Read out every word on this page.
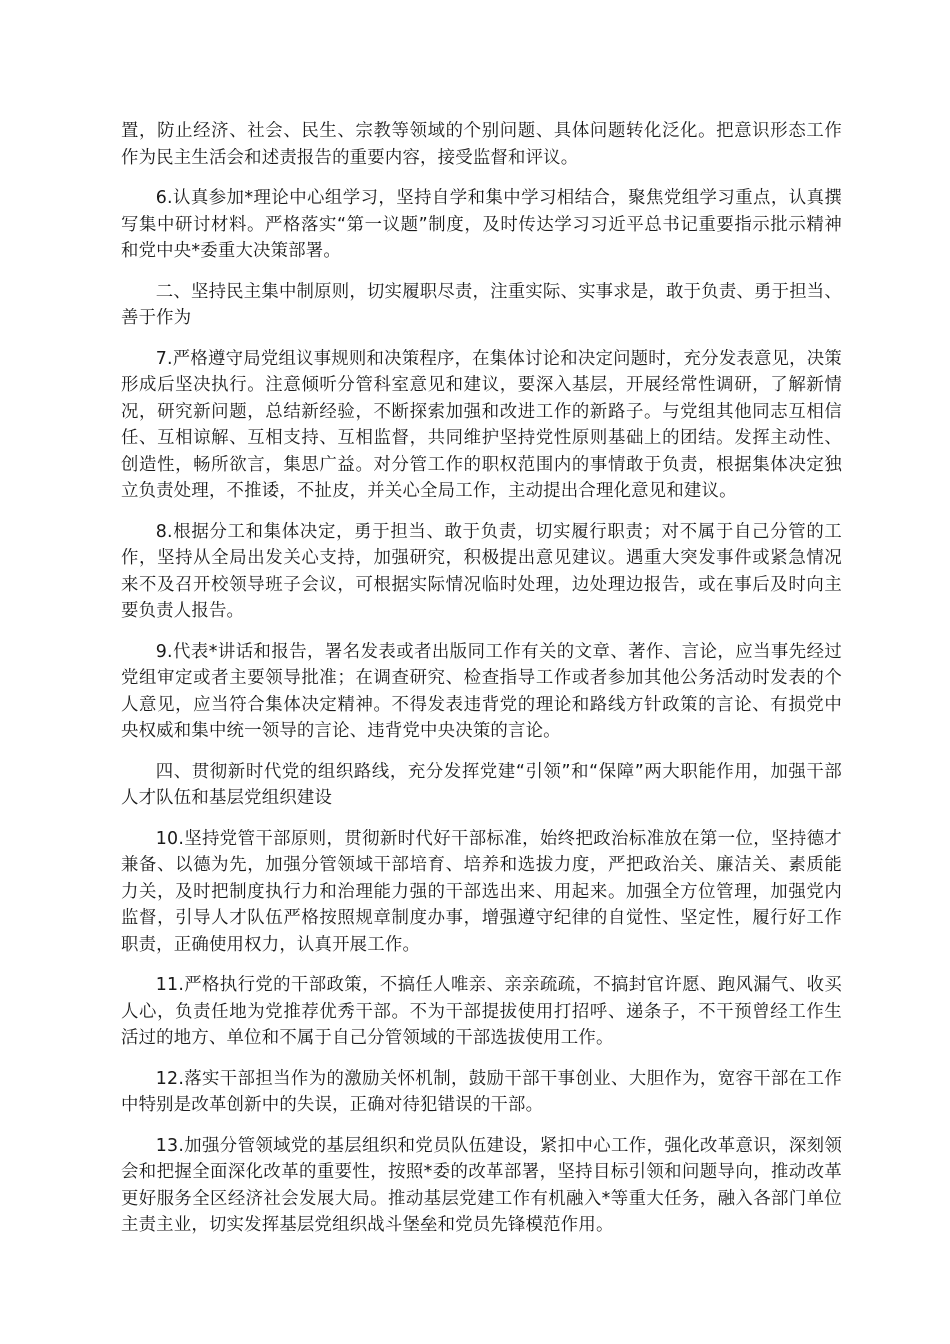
置，防止经济、社会、民生、宗教等领域的个别问题、具体问题转化泛化。把意识形态工作作为民主生活会和述责报告的重要内容，接受监督和评议。

6.认真参加*理论中心组学习，坚持自学和集中学习相结合，聚焦党组学习重点，认真撰写集中研讨材料。严格落实“第一议题”制度，及时传达学习习近平总书记重要指示批示精神和党中央*委重大决策部署。

二、坚持民主集中制原则，切实履职尽责，注重实际、实事求是，敢于负责、勇于担当、善于作为

7.严格遵守局党组议事规则和决策程序，在集体讨论和决定问题时，充分发表意见，决策形成后坚决执行。注意倾听分管科室意见和建议，要深入基层，开展经常性调研，了解新情况，研究新问题，总结新经验，不断探索加强和改进工作的新路子。与党组其他同志互相信任、互相谅解、互相支持、互相监督，共同维护坚持党性原则基础上的团结。发挥主动性、创造性，畅所欲言，集思广益。对分管工作的职权范围内的事情敢于负责，根据集体决定独立负责处理，不推诿，不扯皮，并关心全局工作，主动提出合理化意见和建议。

8.根据分工和集体决定，勇于担当、敢于负责，切实履行职责；对不属于自己分管的工作，坚持从全局出发关心支持，加强研究，积极提出意见建议。遇重大突发事件或紧急情况来不及召开校领导班子会议，可根据实际情况临时处理，边处理边报告，或在事后及时向主要负责人报告。

9.代表*讲话和报告，署名发表或者出版同工作有关的文章、著作、言论，应当事先经过党组审定或者主要领导批准；在调查研究、检查指导工作或者参加其他公务活动时发表的个人意见，应当符合集体决定精神。不得发表违背党的理论和路线方针政策的言论、有损党中央权威和集中统一领导的言论、违背党中央决策的言论。

四、贯彻新时代党的组织路线，充分发挥党建“引领”和“保障”两大职能作用，加强干部人才队伍和基层党组织建设

10.坚持党管干部原则，贯彻新时代好干部标准，始终把政治标准放在第一位，坚持德才兼备、以德为先，加强分管领域干部培育、培养和选拔力度，严把政治关、廉洁关、素质能力关，及时把制度执行力和治理能力强的干部选出来、用起来。加强全方位管理，加强党内监督，引导人才队伍严格按照规章制度办事，增强遵守纪律的自觉性、坚定性，履行好工作职责，正确使用权力，认真开展工作。

11.严格执行党的干部政策，不搞任人唯亲、亲亲疏疏，不搞封官许愿、跑风漏气、收买人心，负责任地为党推荐优秀干部。不为干部提拔使用打招呼、递条子，不干预曾经工作生活过的地方、单位和不属于自己分管领域的干部选拔使用工作。

12.落实干部担当作为的激励关怀机制，鼓励干部干事创业、大胆作为，宽容干部在工作中特别是改革创新中的失误，正确对待犯错误的干部。

13.加强分管领域党的基层组织和党员队伍建设，紧扣中心工作，强化改革意识，深刻领会和把握全面深化改革的重要性，按照*委的改革部署，坚持目标引领和问题导向，推动改革更好服务全区经济社会发展大局。推动基层党建工作有机融入*等重大任务，融入各部门单位主责主业，切实发挥基层党组织战斗堡垒和党员先锋模范作用。
